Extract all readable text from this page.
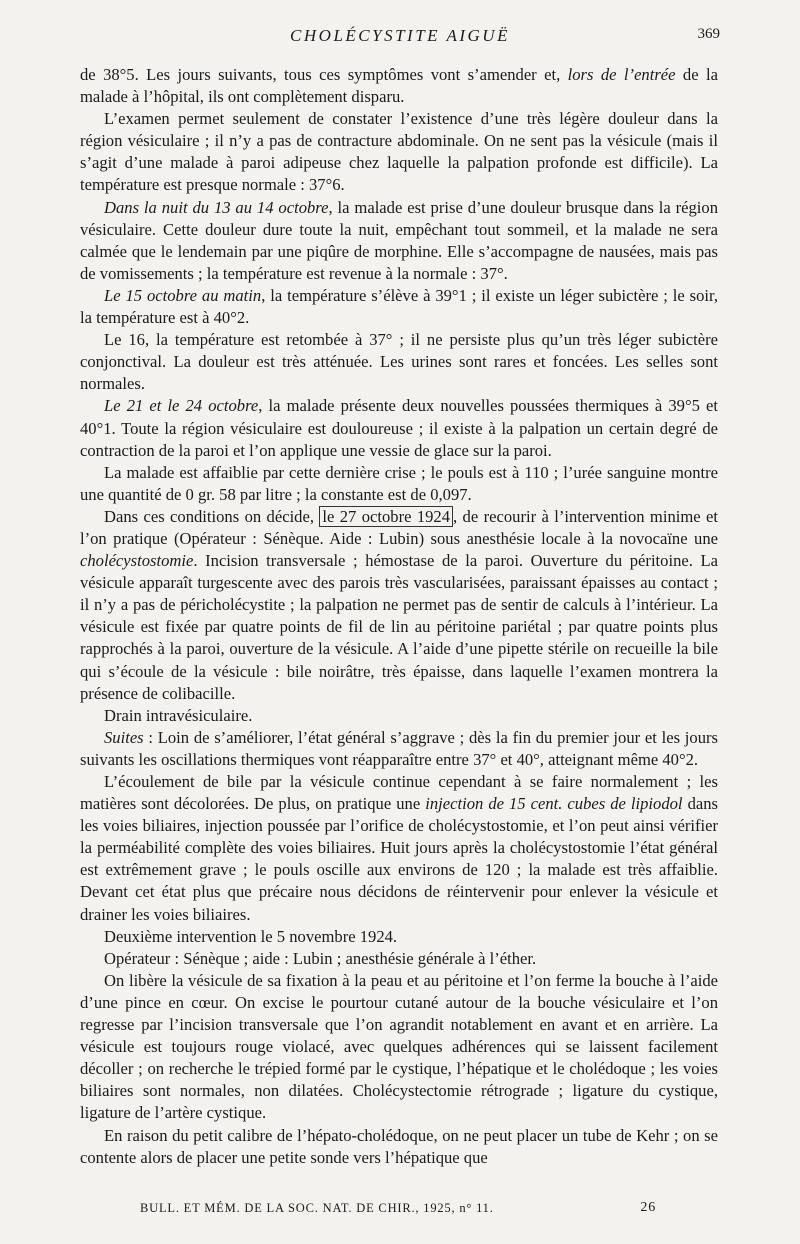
CHOLÉCYSTITE AIGUË	369

de 38°5. Les jours suivants, tous ces symptômes vont s’amender et, lors de l’entrée de la malade à l’hôpital, ils ont complètement disparu.

L’examen permet seulement de constater l’existence d’une très légère douleur dans la région vésiculaire ; il n’y a pas de contracture abdominale. On ne sent pas la vésicule (mais il s’agit d’une malade à paroi adipeuse chez laquelle la palpation profonde est difficile). La température est presque normale : 37°6.

Dans la nuit du 13 au 14 octobre, la malade est prise d’une douleur brusque dans la région vésiculaire. Cette douleur dure toute la nuit, empêchant tout sommeil, et la malade ne sera calmée que le lendemain par une piqûre de morphine. Elle s’accompagne de nausées, mais pas de vomissements ; la température est revenue à la normale : 37°.

Le 15 octobre au matin, la température s’élève à 39°1 ; il existe un léger subictère ; le soir, la température est à 40°2.

Le 16, la température est retombée à 37° ; il ne persiste plus qu’un très léger subictère conjonctival. La douleur est très atténuée. Les urines sont rares et foncées. Les selles sont normales.

Le 21 et le 24 octobre, la malade présente deux nouvelles poussées thermiques à 39°5 et 40°1. Toute la région vésiculaire est douloureuse ; il existe à la palpation un certain degré de contraction de la paroi et l’on applique une vessie de glace sur la paroi.

La malade est affaiblie par cette dernière crise ; le pouls est à 110 ; l’urée sanguine montre une quantité de 0 gr. 58 par litre ; la constante est de 0,097.

Dans ces conditions on décide, le 27 octobre 1924 , de recourir à l’intervention minime et l’on pratique (Opérateur : Sénèque. Aide : Lubin) sous anesthésie locale à la novocaïne une cholécystostomie. Incision transversale ; hémostase de la paroi. Ouverture du péritoine. La vésicule apparaît turgescente avec des parois très vascularisées, paraissant épaisses au contact ; il n’y a pas de péricholécystite ; la palpation ne permet pas de sentir de calculs à l’intérieur. La vésicule est fixée par quatre points de fil de lin au péritoine pariétal ; par quatre points plus rapprochés à la paroi, ouverture de la vésicule. A l’aide d’une pipette stérile on recueille la bile qui s’écoule de la vésicule : bile noirâtre, très épaisse, dans laquelle l’examen montrera la présence de colibacille.

Drain intravésiculaire.

Suites : Loin de s’améliorer, l’état général s’aggrave ; dès la fin du premier jour et les jours suivants les oscillations thermiques vont réapparaître entre 37° et 40°, atteignant même 40°2.

L’écoulement de bile par la vésicule continue cependant à se faire normalement ; les matières sont décolorées. De plus, on pratique une injection de 15 cent. cubes de lipiodol dans les voies biliaires, injection poussée par l’orifice de cholécystostomie, et l’on peut ainsi vérifier la perméabilité complète des voies biliaires. Huit jours après la cholécystostomie l’état général est extrêmement grave ; le pouls oscille aux environs de 120 ; la malade est très affaiblie. Devant cet état plus que précaire nous décidons de réintervenir pour enlever la vésicule et drainer les voies biliaires.

Deuxième intervention le 5 novembre 1924.

Opérateur : Sénèque ; aide : Lubin ; anesthésie générale à l’éther.

On libère la vésicule de sa fixation à la peau et au péritoine et l’on ferme la bouche à l’aide d’une pince en cœur. On excise le pourtour cutané autour de la bouche vésiculaire et l’on regresse par l’incision transversale que l’on agrandit notablement en avant et en arrière. La vésicule est toujours rouge violacé, avec quelques adhérences qui se laissent facilement décoller ; on recherche le trépied formé par le cystique, l’hépatique et le cholédoque ; les voies biliaires sont normales, non dilatées. Cholécystectomie rétrograde ; ligature du cystique, ligature de l’artère cystique.

En raison du petit calibre de l’hépato-cholédoque, on ne peut placer un tube de Kehr ; on se contente alors de placer une petite sonde vers l’hépatique que

BULL. ET MÉM. DE LA SOC. NAT. DE CHIR., 1925, n° 11.	26
